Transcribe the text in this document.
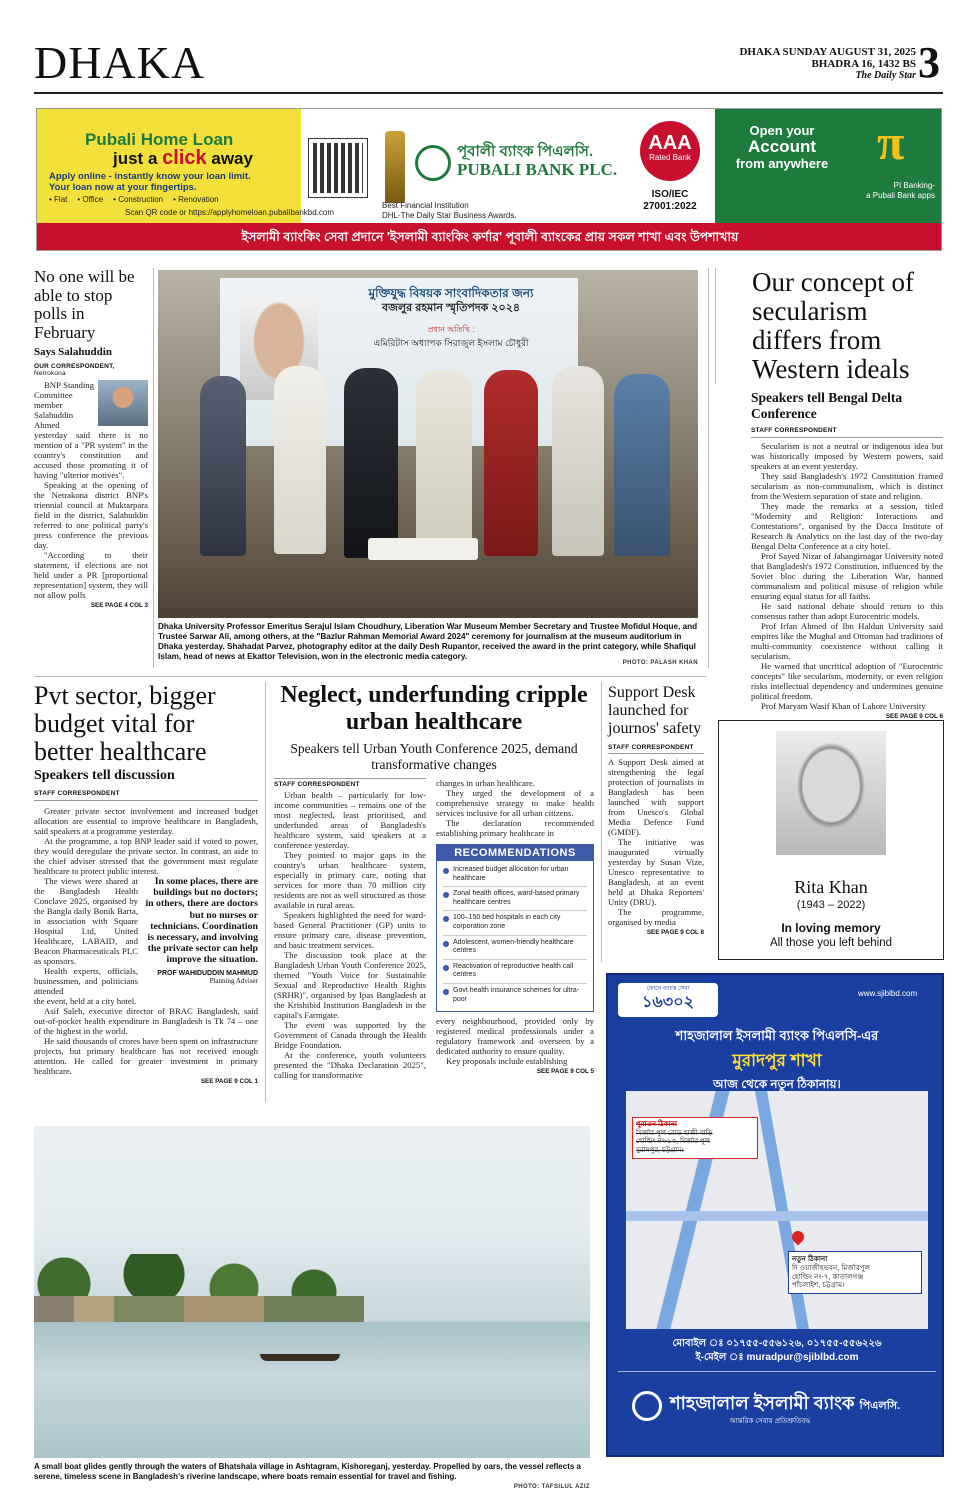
DHAKA	DHAKA SUNDAY AUGUST 31, 2025
BHADRA 16, 1432 BS
The Daily Star 3
Pubali Home Loan
just a click away
Apply online - instantly know your loan limit.
Your loan now at your fingertips.
• Flat • Office • Construction • Renovation
Scan QR code or https://applyhomeloan.pubalibankbd.com
পূবালী ব্যাংক পিএলসি.
PUBALI BANK PLC.
Best Financial Institution
DHL-The Daily Star Business Awards.
AAA
Rated Bank
ISO/IEC
27001:2022
Open your
Account
from anywhere π
PI Banking-
a Pubali Bank apps
ইসলামী ব্যাংকিং সেবা প্রদানে 'ইসলামী ব্যাংকিং কর্ণার' পূবালী ব্যাংকের প্রায় সকল শাখা এবং উপশাখায়
No one will be able to stop polls in February
Says Salahuddin
OUR CORRESPONDENT,
Netrokona

BNP Standing Committee member Salahuddin Ahmed yesterday said there is no mention of a "PR system" in the country's constitution and accused those promoting it of having "ulterior motives".

Speaking at the opening of the Netrakona district BNP's triennial council at Muktarpara field in the district, Salahuddin referred to one political party's press conference the previous day.

"According to their statement, if elections are not held under a PR [proportional representation] system, they will not allow polls

SEE PAGE 4 COL 3
মুক্তিযুদ্ধ বিষয়ক সাংবাদিকতার জন্য
বজলুর রহমান স্মৃতিপদক ২০২৪
প্রধান অতিথি :
এমিরিটাস অধ্যাপক সিরাজুল ইসলাম চৌধুরী
Dhaka University Professor Emeritus Serajul Islam Choudhury, Liberation War Museum Member Secretary and Trustee Mofidul Hoque, and Trustee Sarwar Ali, among others, at the "Bazlur Rahman Memorial Award 2024" ceremony for journalism at the museum auditorium in Dhaka yesterday. Shahadat Parvez, photography editor at the daily Desh Rupantor, received the award in the print category, while Shafiqul Islam, head of news at Ekattor Television, won in the electronic media category.
PHOTO: PALASH KHAN
Our concept of secularism differs from Western ideals
Speakers tell Bengal Delta Conference
STAFF CORRESPONDENT

Secularism is not a neutral or indigenous idea but was historically imposed by Western powers, said speakers at an event yesterday.

They said Bangladesh's 1972 Constitution framed secularism as non-communalism, which is distinct from the Western separation of state and religion.

They made the remarks at a session, titled "Modernity and Religion: Interactions and Contestations", organised by the Dacca Institute of Research & Analytics on the last day of the two-day Bengal Delta Conference at a city hotel.

Prof Sayed Nizar of Jahangirnagar University noted that Bangladesh's 1972 Constitution, influenced by the Soviet bloc during the Liberation War, banned communalism and political misuse of religion while ensuring equal status for all faiths.

He said national debate should return to this consensus rather than adopt Eurocentric models.

Prof Irfan Ahmed of Ibn Haldun University said empires like the Mughal and Ottoman had traditions of multi-community coexistence without calling it secularism.

He warned that uncritical adoption of "Eurocentric concepts" like secularism, modernity, or even religion risks intellectual dependency and undermines genuine political freedom.

Prof Maryam Wasif Khan of Lahore University

SEE PAGE 9 COL 6
Pvt sector, bigger budget vital for better healthcare
Speakers tell discussion
STAFF CORRESPONDENT

Greater private sector involvement and increased budget allocation are essential to improve healthcare in Bangladesh, said speakers at a programme yesterday.

At the programme, a top BNP leader said if voted to power, they would deregulate the private sector. In contrast, an aide to the chief adviser stressed that the government must regulate healthcare to protect public interest.

The views were shared at the Bangladesh Health Conclave 2025, organised by the Bangla daily Bonik Barta, in association with Square Hospital Ltd, United Healthcare, LABAID, and Beacon Pharmaceuticals PLC as sponsors.

Health experts, officials, businessmen, and politicians attended

In some places, there are buildings but no doctors; in others, there are doctors but no nurses or technicians. Coordination is necessary, and involving the private sector can help improve the situation.
PROF WAHIDUDDIN MAHMUD
Planning Adviser

the event, held at a city hotel.

Asif Saleh, executive director of BRAC Bangladesh, said out-of-pocket health expenditure in Bangladesh is Tk 74 – one of the highest in the world.

He said thousands of crores have been spent on infrastructure projects, but primary healthcare has not received enough attention. He called for greater investment in primary healthcare.

SEE PAGE 9 COL 1
Neglect, underfunding cripple urban healthcare
Speakers tell Urban Youth Conference 2025, demand transformative changes
STAFF CORRESPONDENT

Urban health – particularly for low-income communities – remains one of the most neglected, least prioritised, and underfunded areas of Bangladesh's healthcare system, said speakers at a conference yesterday.

They pointed to major gaps in the country's urban healthcare system, especially in primary care, noting that services for more than 70 million city residents are not as well structured as those available in rural areas.

Speakers highlighted the need for ward-based General Practitioner (GP) units to ensure primary care, disease prevention, and basic treatment services.

The discussion took place at the Bangladesh Urban Youth Conference 2025, themed "Youth Voice for Sustainable Sexual and Reproductive Health Rights (SRHR)", organised by Ipas Bangladesh at the Krishibid Institution Bangladesh in the capital's Farmgate.

The event was supported by the Government of Canada through the Health Bridge Foundation.

At the conference, youth volunteers presented the "Dhaka Declaration 2025", calling for transformative

changes in urban healthcare.

They urged the development of a comprehensive strategy to make health services inclusive for all urban citizens.

The declaration recommended establishing primary healthcare in

RECOMMENDATIONS
Increased budget allocation for urban healthcare
Zonal health offices, ward-based primary healthcare centres
100–150 bed hospitals in each city corporation zone
Adolescent, women-friendly healthcare centres
Reactivation of reproductive health call centres
Govt health insurance schemes for ultra-poor

every neighbourhood, provided only by registered medical professionals under a regulatory framework and overseen by a dedicated authority to ensure quality.

Key proposals include establishing

SEE PAGE 9 COL 5
Support Desk launched for journos' safety
STAFF CORRESPONDENT

A Support Desk aimed at strengthening the legal protection of journalists in Bangladesh has been launched with support from Unesco's Global Media Defence Fund (GMDF).

The initiative was inaugurated virtually yesterday by Susan Vize, Unesco representative to Bangladesh, at an event held at Dhaka Reporters' Unity (DRU).

The programme, organised by media

SEE PAGE 9 COL 8
Rita Khan
(1943 – 2022)
In loving memory
All those you left behind
A small boat glides gently through the waters of Bhatshala village in Ashtagram, Kishoreganj, yesterday. Propelled by oars, the vessel reflects a serene, timeless scene in Bangladesh's riverine landscape, where boats remain essential for travel and fishing.
PHOTO: TAFSILUL AZIZ
ফোনে ব্যাংক সেবা
১৬৩০২
www.sjiblbd.com
শাহজালাল ইসলামী ব্যাংক পিএলসি-এর
মুরাদপুর শাখা
আজ থেকে নতুন ঠিকানায়।
পুরাতন ঠিকানা
মির্জার পুল রোড হাজী বাড়ি
হোল্ডিং নং-১৩, মির্জার পুল
মুরাদপুর, চট্টগ্রাম।
নতুন ঠিকানা
দি ওয়াজীহভবন, মির্জারপুল
হোল্ডিং নং-৭, কাতালগঞ্জ
পাঁচলাইশ, চট্টগ্রাম।
মোবাইল ঃ ০১৭৫৫-৫৫৬১২৬, ০১৭৫৫-৫৫৬২২৬
ই-মেইল ঃ muradpur@sjiblbd.com
শাহজালাল ইসলামী ব্যাংক পিএলসি.
আন্তরিক সেবায় প্রতিশ্রুতিবদ্ধ
